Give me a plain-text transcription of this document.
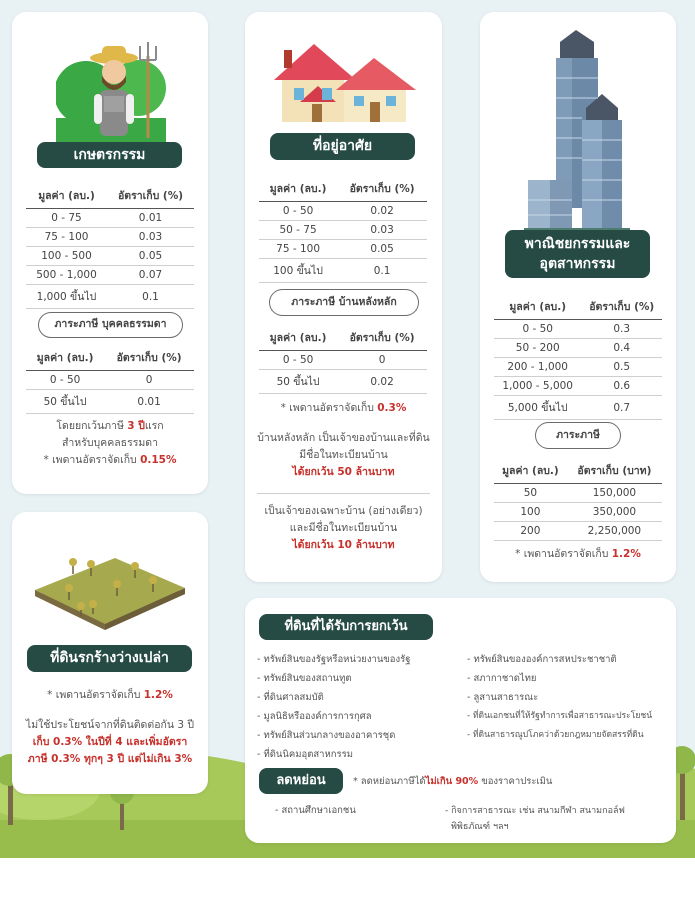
เกษตรกรรม
มูลค่า (ลบ.)	อัตราเก็บ (%)
0 - 75	0.01
75 - 100	0.03
100 - 500	0.05
500 - 1,000	0.07
1,000 ขึ้นไป	0.1
ภาระภาษี บุคคลธรรมดา
มูลค่า (ลบ.)	อัตราเก็บ (%)
0 - 50	0
50 ขึ้นไป	0.01
โดยยกเว้นภาษี 3 ปีแรก
สำหรับบุคคลธรรมดา
* เพดานอัตราจัดเก็บ 0.15%
ที่อยู่อาศัย
มูลค่า (ลบ.)	อัตราเก็บ (%)
0 - 50	0.02
50 - 75	0.03
75 - 100	0.05
100 ขึ้นไป	0.1
ภาระภาษี บ้านหลังหลัก
มูลค่า (ลบ.)	อัตราเก็บ (%)
0 - 50	0
50 ขึ้นไป	0.02
* เพดานอัตราจัดเก็บ 0.3%
บ้านหลังหลัก เป็นเจ้าของบ้านและที่ดิน
มีชื่อในทะเบียนบ้าน
ได้ยกเว้น 50 ล้านบาท
เป็นเจ้าของเฉพาะบ้าน (อย่างเดียว)
และมีชื่อในทะเบียนบ้าน
ได้ยกเว้น 10 ล้านบาท
พาณิชยกรรมและ
อุตสาหกรรม
มูลค่า (ลบ.)	อัตราเก็บ (%)
0 - 50	0.3
50 - 200	0.4
200 - 1,000	0.5
1,000 - 5,000	0.6
5,000 ขึ้นไป	0.7
ภาระภาษี
มูลค่า (ลบ.)	อัตราเก็บ (บาท)
50	150,000
100	350,000
200	2,250,000
* เพดานอัตราจัดเก็บ 1.2%
ที่ดินรกร้างว่างเปล่า
* เพดานอัตราจัดเก็บ 1.2%
ไม่ใช้ประโยชน์จากที่ดินติดต่อกัน 3 ปี
เก็บ 0.3% ในปีที่ 4 และเพิ่มอัตรา
ภาษี 0.3% ทุกๆ 3 ปี แต่ไม่เกิน 3%
ที่ดินที่ได้รับการยกเว้น
- ทรัพย์สินของรัฐหรือหน่วยงานของรัฐ
- ทรัพย์สินของสถานทูต
- ที่ดินศาลสมบัติ
- มูลนิธิหรือองค์การการกุศล
- ทรัพย์สินส่วนกลางของอาคารชุด
- ที่ดินนิคมอุตสาหกรรม
- ทรัพย์สินขององค์การสหประชาชาติ
- สภากาชาดไทย
- ลูสานสาธารณะ
- ที่ดินเอกชนที่ให้รัฐทำการเพื่อสาธารณะประโยชน์
- ที่ดินสาธารณูปโภคว่าด้วยกฎหมายจัดสรรที่ดิน
ลดหย่อน	* ลดหย่อนภาษีได้ไม่เกิน 90% ของราคาประเมิน
- สถานศึกษาเอกชน	- กิจการสาธารณะ เช่น สนามกีฬา สนามกอล์ฟ
พิพิธภัณฑ์ ฯลฯ
